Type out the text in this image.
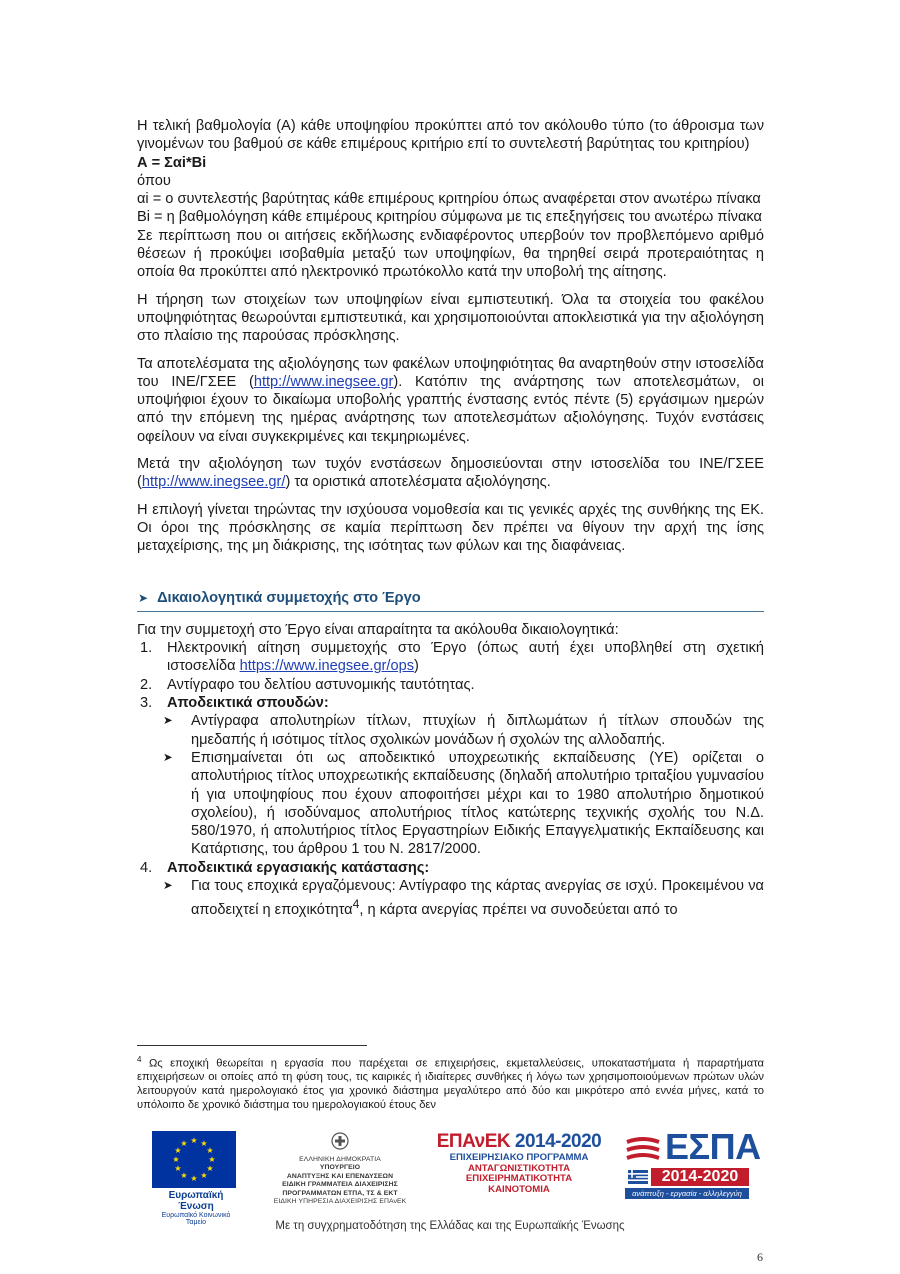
Η τελική βαθμολογία (Α) κάθε υποψηφίου προκύπτει από τον ακόλουθο τύπο (το άθροισμα των γινομένων του βαθμού σε κάθε επιμέρους κριτήριο επί το συντελεστή βαρύτητας του κριτηρίου)

Α = Σαi*Bi

όπου

αi = ο συντελεστής βαρύτητας κάθε επιμέρους κριτηρίου όπως αναφέρεται στον ανωτέρω πίνακα

Βi = η βαθμολόγηση κάθε επιμέρους κριτηρίου σύμφωνα με τις επεξηγήσεις του ανωτέρω πίνακα

Σε περίπτωση που οι αιτήσεις εκδήλωσης ενδιαφέροντος υπερβούν τον προβλεπόμενο αριθμό θέσεων ή προκύψει ισοβαθμία μεταξύ των υποψηφίων, θα τηρηθεί σειρά προτεραιότητας η οποία θα προκύπτει από ηλεκτρονικό πρωτόκολλο κατά την υποβολή της αίτησης.

Η τήρηση των στοιχείων των υποψηφίων είναι εμπιστευτική. Όλα τα στοιχεία του φακέλου υποψηφιότητας θεωρούνται εμπιστευτικά, και χρησιμοποιούνται αποκλειστικά για την αξιολόγηση στο πλαίσιο της παρούσας πρόσκλησης.

Τα αποτελέσματα της αξιολόγησης των φακέλων υποψηφιότητας θα αναρτηθούν στην ιστοσελίδα του ΙΝΕ/ΓΣΕΕ (http://www.inegsee.gr). Κατόπιν της ανάρτησης των αποτελεσμάτων, οι υποψήφιοι έχουν το δικαίωμα υποβολής γραπτής ένστασης εντός πέντε (5) εργάσιμων ημερών από την επόμενη της ημέρας ανάρτησης των αποτελεσμάτων αξιολόγησης. Τυχόν ενστάσεις οφείλουν να είναι συγκεκριμένες και τεκμηριωμένες.

Μετά την αξιολόγηση των τυχόν ενστάσεων δημοσιεύονται στην ιστοσελίδα του ΙΝΕ/ΓΣΕΕ (http://www.inegsee.gr/) τα οριστικά αποτελέσματα αξιολόγησης.

Η επιλογή γίνεται τηρώντας την ισχύουσα νομοθεσία και τις γενικές αρχές της συνθήκης της ΕΚ. Οι όροι της πρόσκλησης σε καμία περίπτωση δεν πρέπει να θίγουν την αρχή της ίσης μεταχείρισης, της μη διάκρισης, της ισότητας των φύλων και της διαφάνειας.

➤ Δικαιολογητικά συμμετοχής στο Έργο

Για την συμμετοχή στο Έργο είναι απαραίτητα τα ακόλουθα δικαιολογητικά:

1. Ηλεκτρονική αίτηση συμμετοχής στο Έργο (όπως αυτή έχει υποβληθεί στη σχετική ιστοσελίδα https://www.inegsee.gr/ops)
2. Αντίγραφο του δελτίου αστυνομικής ταυτότητας.
3. Αποδεικτικά σπουδών:
➤ Αντίγραφα απολυτηρίων τίτλων, πτυχίων ή διπλωμάτων ή τίτλων σπουδών της ημεδαπής ή ισότιμος τίτλος σχολικών μονάδων ή σχολών της αλλοδαπής.
➤ Επισημαίνεται ότι ως αποδεικτικό υποχρεωτικής εκπαίδευσης (ΥΕ) ορίζεται ο απολυτήριος τίτλος υποχρεωτικής εκπαίδευσης (δηλαδή απολυτήριο τριταξίου γυμνασίου ή για υποψηφίους που έχουν αποφοιτήσει μέχρι και το 1980 απολυτήριο δημοτικού σχολείου), ή ισοδύναμος απολυτήριος τίτλος κατώτερης τεχνικής σχολής του Ν.Δ. 580/1970, ή απολυτήριος τίτλος Εργαστηρίων Ειδικής Επαγγελματικής Εκπαίδευσης και Κατάρτισης, του άρθρου 1 του Ν. 2817/2000.
4. Αποδεικτικά εργασιακής κατάστασης:
➤ Για τους εποχικά εργαζόμενους: Αντίγραφο της κάρτας ανεργίας σε ισχύ. Προκειμένου να αποδειχτεί η εποχικότητα$^4$, η κάρτα ανεργίας πρέπει να συνοδεύεται από το
$^4$ Ως εποχική θεωρείται η εργασία που παρέχεται σε επιχειρήσεις, εκμεταλλεύσεις, υποκαταστήματα ή παραρτήματα επιχειρήσεων οι οποίες από τη φύση τους, τις καιρικές ή ιδιαίτερες συνθήκες ή λόγω των χρησιμοποιούμενων πρώτων υλών λειτουργούν κατά ημερολογιακό έτος για χρονικό διάστημα μεγαλύτερο από δύο και μικρότερο από εννέα μήνες, κατά το υπόλοιπο δε χρονικό διάστημα του ημερολογιακού έτους δεν
★ ★
★
★
★
★
★
★
★
★
★
★
Ευρωπαϊκή Ένωση
Ευρωπαϊκό Κοινωνικό Ταμείο
ΕΛΛΗΝΙΚΗ ΔΗΜΟΚΡΑΤΙΑ
ΥΠΟΥΡΓΕΙΟ
ΑΝΑΠΤΥΞΗΣ ΚΑΙ ΕΠΕΝΔΥΣΕΩΝ
ΕΙΔΙΚΗ ΓΡΑΜΜΑΤΕΙΑ ΔΙΑΧΕΙΡΙΣΗΣ
ΠΡΟΓΡΑΜΜΑΤΩΝ ΕΤΠΑ, ΤΣ & ΕΚΤ
ΕΙΔΙΚΗ ΥΠΗΡΕΣΙΑ ΔΙΑΧΕΙΡΙΣΗΣ ΕΠΑνΕΚ
ΕΠΑνΕΚ 2014-2020
ΕΠΙΧΕΙΡΗΣΙΑΚΟ ΠΡΟΓΡΑΜΜΑ
ΑΝΤΑΓΩΝΙΣΤΙΚΟΤΗΤΑ
ΕΠΙΧΕΙΡΗΜΑΤΙΚΟΤΗΤΑ
ΚΑΙΝΟΤΟΜΙΑ
ΕΣΠΑ
2014-2020
ανάπτυξη - εργασία - αλληλεγγύη
Με τη συγχρηματοδότηση της Ελλάδας και της Ευρωπαϊκής Ένωσης
6
